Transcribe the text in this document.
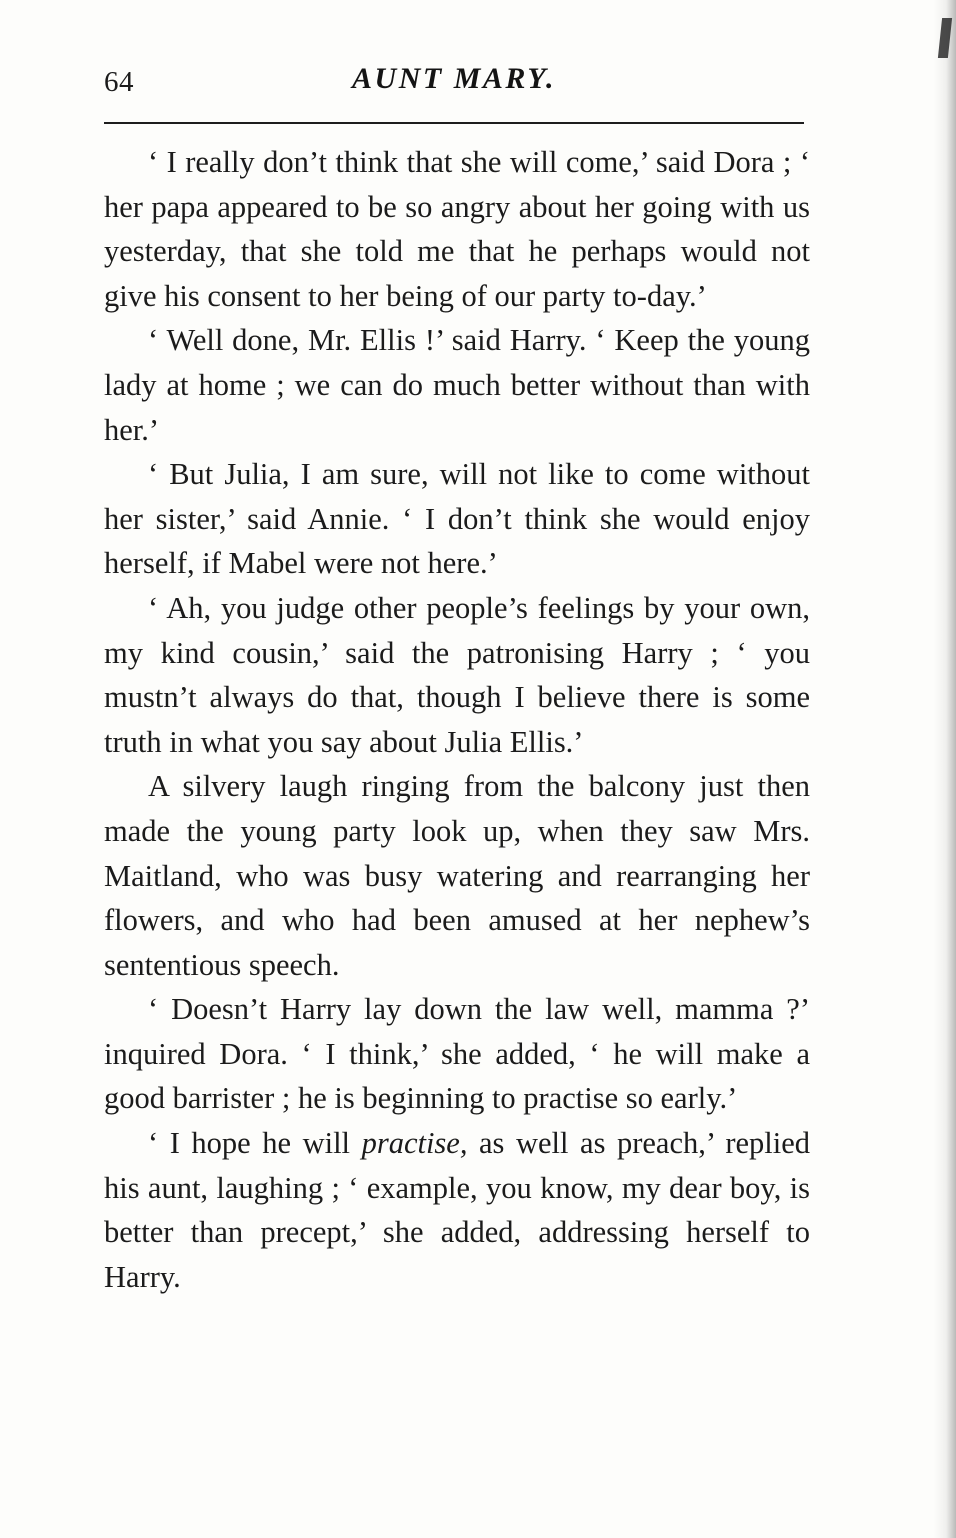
64	AUNT MARY.

‘ I really don’t think that she will come,’ said Dora ; ‘ her papa appeared to be so angry about her going with us yesterday, that she told me that he perhaps would not give his consent to her being of our party to-day.’

‘ Well done, Mr. Ellis !’ said Harry. ‘ Keep the young lady at home ; we can do much better without than with her.’

‘ But Julia, I am sure, will not like to come without her sister,’ said Annie. ‘ I don’t think she would enjoy herself, if Mabel were not here.’

‘ Ah, you judge other people’s feelings by your own, my kind cousin,’ said the patronising Harry ; ‘ you mustn’t always do that, though I believe there is some truth in what you say about Julia Ellis.’

A silvery laugh ringing from the balcony just then made the young party look up, when they saw Mrs. Maitland, who was busy watering and rearranging her flowers, and who had been amused at her nephew’s sententious speech.

‘ Doesn’t Harry lay down the law well, mamma ?’ inquired Dora. ‘ I think,’ she added, ‘ he will make a good barrister ; he is beginning to practise so early.’

‘ I hope he will practise, as well as preach,’ replied his aunt, laughing ; ‘ example, you know, my dear boy, is better than precept,’ she added, addressing herself to Harry.
